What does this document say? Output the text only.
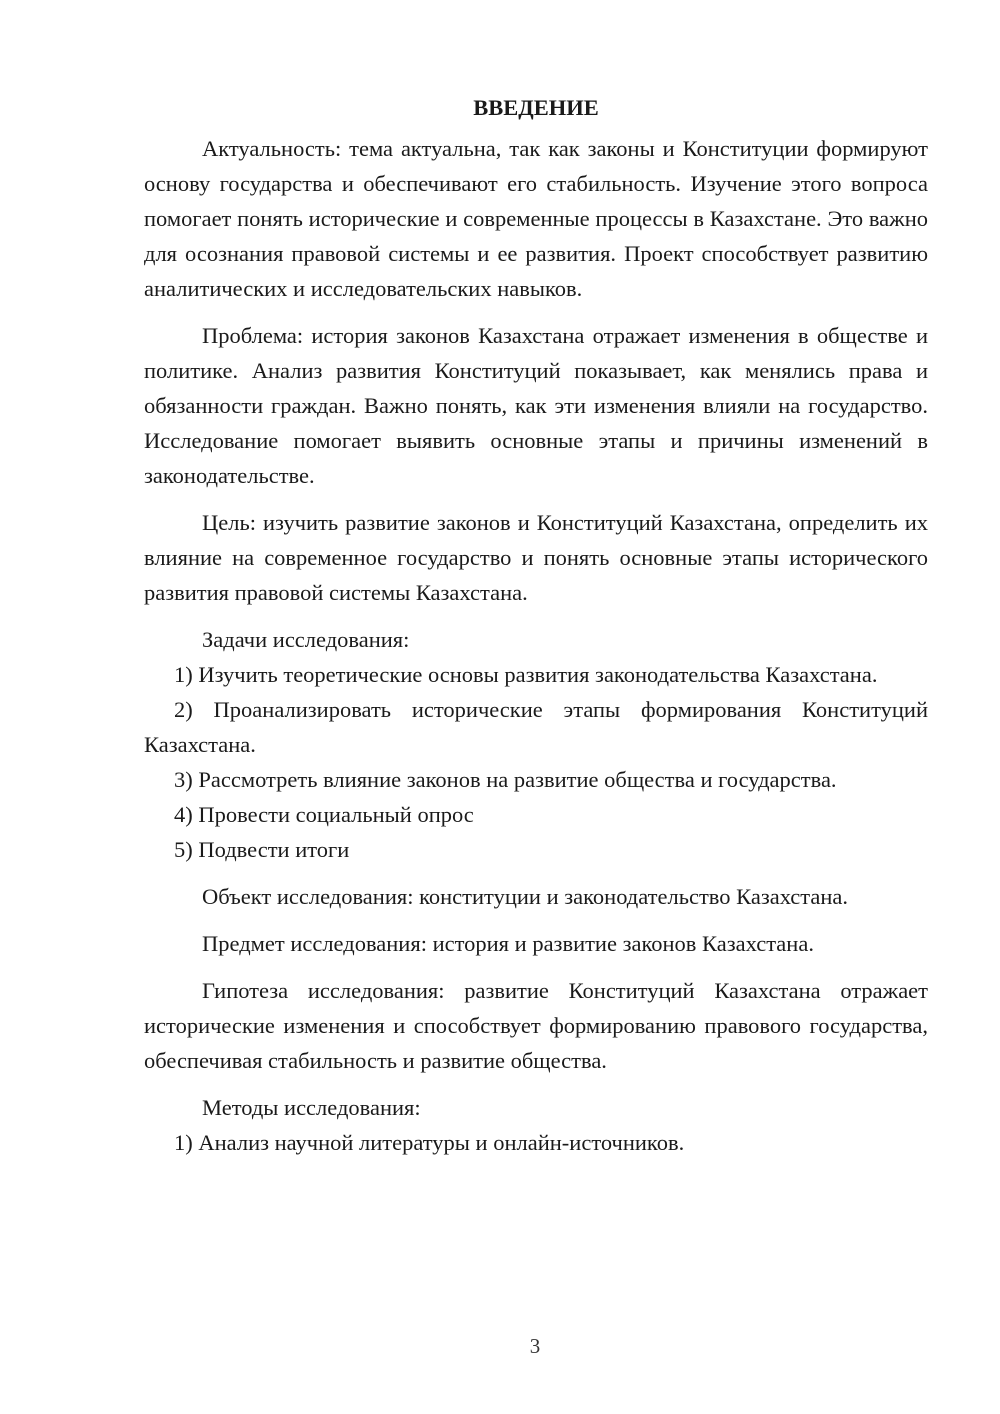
ВВЕДЕНИЕ

Актуальность: тема актуальна, так как законы и Конституции формируют основу государства и обеспечивают его стабильность. Изучение этого вопроса помогает понять исторические и современные процессы в Казахстане. Это важно для осознания правовой системы и ее развития. Проект способствует развитию аналитических и исследовательских навыков.

Проблема: история законов Казахстана отражает изменения в обществе и политике. Анализ развития Конституций показывает, как менялись права и обязанности граждан. Важно понять, как эти изменения влияли на государство. Исследование помогает выявить основные этапы и причины изменений в законодательстве.

Цель: изучить развитие законов и Конституций Казахстана, определить их влияние на современное государство и понять основные этапы исторического развития правовой системы Казахстана.

Задачи исследования:

1) Изучить теоретические основы развития законодательства Казахстана.

2) Проанализировать исторические этапы формирования Конституций Казахстана.

3) Рассмотреть влияние законов на развитие общества и государства.

4) Провести социальный опрос

5) Подвести итоги

Объект исследования: конституции и законодательство Казахстана.

Предмет исследования: история и развитие законов Казахстана.

Гипотеза исследования: развитие Конституций Казахстана отражает исторические изменения и способствует формированию правового государства, обеспечивая стабильность и развитие общества.

Методы исследования:

1) Анализ научной литературы и онлайн-источников.

3
